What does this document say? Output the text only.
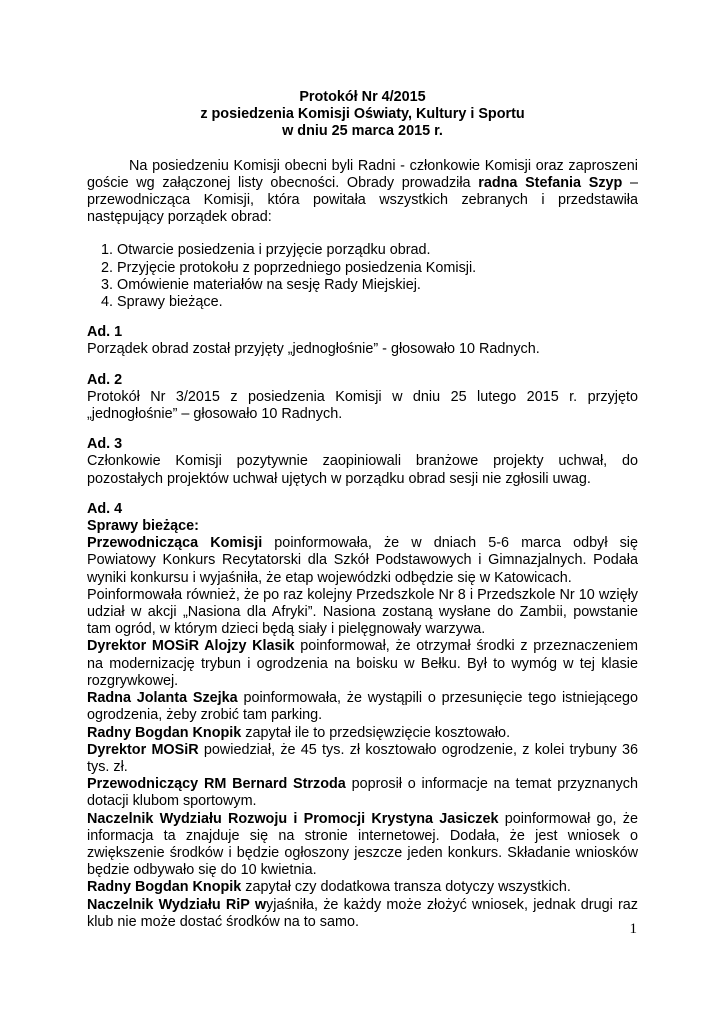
Protokół Nr 4/2015

z posiedzenia Komisji Oświaty, Kultury i Sportu

w dniu 25 marca 2015 r.

Na posiedzeniu Komisji obecni byli Radni - członkowie Komisji oraz zaproszeni goście wg załączonej listy obecności. Obrady prowadziła radna Stefania Szyp – przewodnicząca Komisji, która powitała wszystkich zebranych i przedstawiła następujący porządek obrad:

1. Otwarcie posiedzenia i przyjęcie porządku obrad.
2. Przyjęcie protokołu z poprzedniego posiedzenia Komisji.
3. Omówienie materiałów na sesję Rady Miejskiej.
4. Sprawy bieżące.

Ad. 1

Porządek obrad został przyjęty „jednogłośnie” - głosowało 10 Radnych.

Ad. 2

Protokół Nr 3/2015 z posiedzenia Komisji w dniu 25 lutego 2015 r. przyjęto „jednogłośnie” – głosowało 10 Radnych.

Ad. 3

Członkowie Komisji pozytywnie zaopiniowali branżowe projekty uchwał, do pozostałych projektów uchwał ujętych w porządku obrad sesji nie zgłosili uwag.

Ad. 4

Sprawy bieżące:

Przewodnicząca Komisji poinformowała, że w dniach 5-6 marca odbył się Powiatowy Konkurs Recytatorski dla Szkół Podstawowych i Gimnazjalnych. Podała wyniki konkursu i wyjaśniła, że etap wojewódzki odbędzie się w Katowicach.

Poinformowała również, że po raz kolejny Przedszkole Nr 8 i Przedszkole Nr 10 wzięły udział w akcji „Nasiona dla Afryki”. Nasiona zostaną wysłane do Zambii, powstanie tam ogród, w którym dzieci będą siały i pielęgnowały warzywa.

Dyrektor MOSiR Alojzy Klasik poinformował, że otrzymał środki z przeznaczeniem na modernizację trybun i ogrodzenia na boisku w Bełku. Był to wymóg w tej klasie rozgrywkowej.

Radna Jolanta Szejka poinformowała, że wystąpili o przesunięcie tego istniejącego ogrodzenia, żeby zrobić tam parking.

Radny Bogdan Knopik zapytał ile to przedsięwzięcie kosztowało.

Dyrektor MOSiR powiedział, że 45 tys. zł kosztowało ogrodzenie, z kolei trybuny 36 tys. zł.

Przewodniczący RM Bernard Strzoda poprosił o informacje na temat przyznanych dotacji klubom sportowym.

Naczelnik Wydziału Rozwoju i Promocji Krystyna Jasiczek poinformował go, że informacja ta znajduje się na stronie internetowej. Dodała, że jest wniosek o zwiększenie środków i będzie ogłoszony jeszcze jeden konkurs. Składanie wniosków będzie odbywało się do 10 kwietnia.

Radny Bogdan Knopik zapytał czy dodatkowa transza dotyczy wszystkich.

Naczelnik Wydziału RiP wyjaśniła, że każdy może złożyć wniosek, jednak drugi raz klub nie może dostać środków na to samo.	1
